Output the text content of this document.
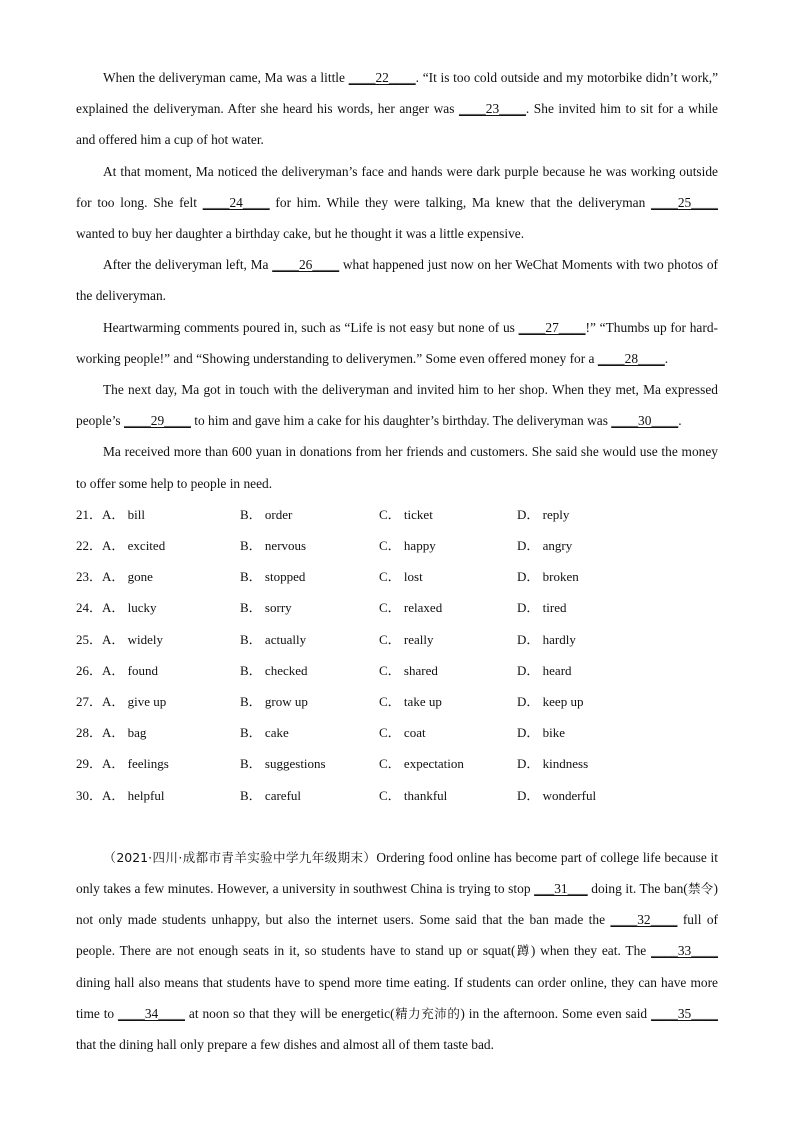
When the deliveryman came, Ma was a little ____22____. “It is too cold outside and my motorbike didn’t work,” explained the deliveryman. After she heard his words, her anger was ____23____. She invited him to sit for a while and offered him a cup of hot water.

At that moment, Ma noticed the deliveryman’s face and hands were dark purple because he was working outside for too long. She felt ____24____ for him. While they were talking, Ma knew that the deliveryman ____25____ wanted to buy her daughter a birthday cake, but he thought it was a little expensive.

After the deliveryman left, Ma ____26____ what happened just now on her WeChat Moments with two photos of the deliveryman.

Heartwarming comments poured in, such as “Life is not easy but none of us ____27____!” “Thumbs up for hard-working people!” and “Showing understanding to deliverymen.” Some even offered money for a ____28____.

The next day, Ma got in touch with the deliveryman and invited him to her shop. When they met, Ma expressed people’s ____29____ to him and gave him a cake for his daughter’s birthday. The deliveryman was ____30____.

Ma received more than 600 yuan in donations from her friends and customers. She said she would use the money to offer some help to people in need.

21． A． bill	B． order	C． ticket	D． reply
22． A． excited	B． nervous	C． happy	D． angry
23． A． gone	B． stopped	C． lost	D． broken
24． A． lucky	B． sorry	C． relaxed	D． tired
25． A． widely	B． actually	C． really	D． hardly
26． A． found	B． checked	C． shared	D． heard
27． A． give up	B． grow up	C． take up	D． keep up
28． A． bag	B． cake	C． coat	D． bike
29． A． feelings	B． suggestions	C． expectation	D． kindness
30． A． helpful	B． careful	C． thankful	D． wonderful

（2021·四川·成都市青羊实验中学九年级期末）Ordering food online has become part of college life because it only takes a few minutes. However, a university in southwest China is trying to stop ___31___ doing it. The ban(禁令) not only made students unhappy, but also the internet users. Some said that the ban made the ____32____ full of people. There are not enough seats in it, so students have to stand up or squat(蹲) when they eat. The ____33____ dining hall also means that students have to spend more time eating. If students can order online, they can have more time to ____34____ at noon so that they will be energetic(精力充沛的) in the afternoon. Some even said ____35____ that the dining hall only prepare a few dishes and almost all of them taste bad.
